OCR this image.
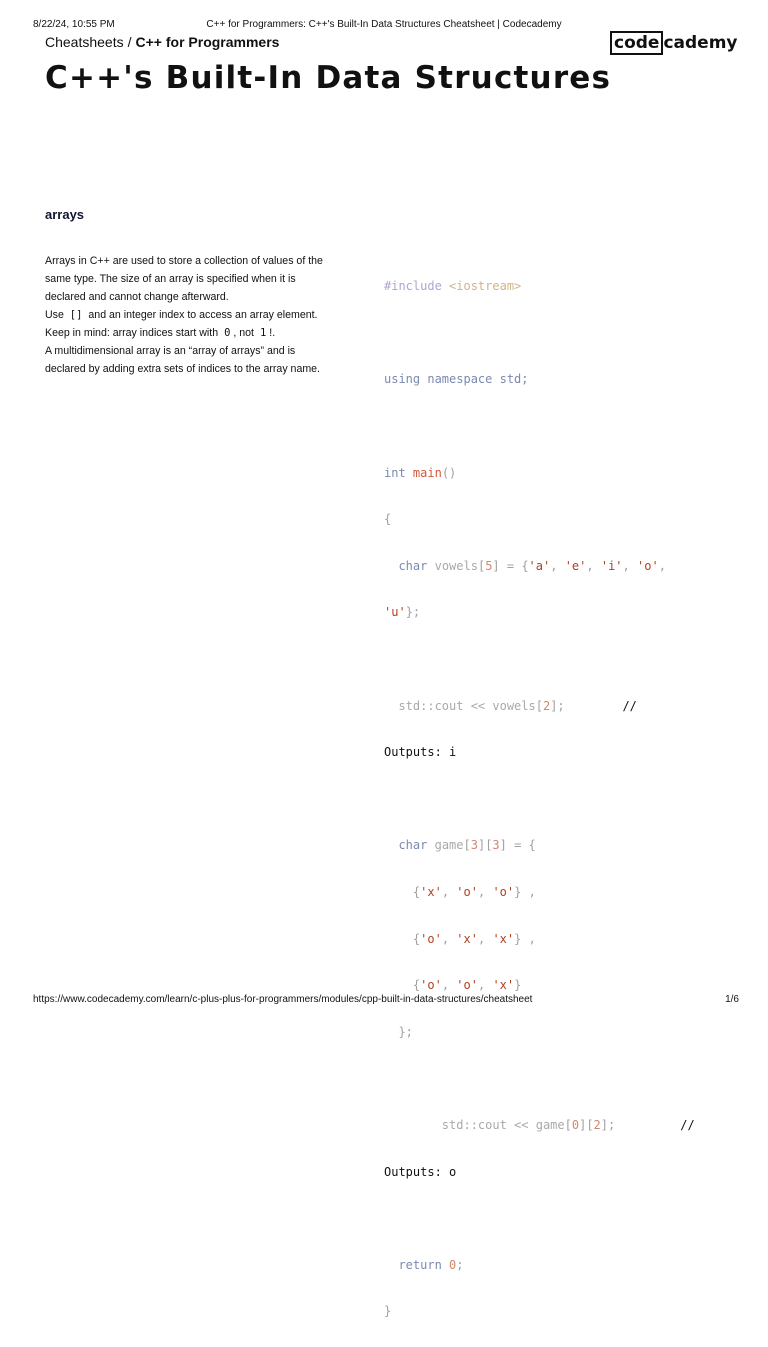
8/22/24, 10:55 PM	C++ for Programmers: C++'s Built-In Data Structures Cheatsheet | Codecademy
Cheatsheets / C++ for Programmers	code cademy
C++'s Built-In Data Structures
arrays

Arrays in C++ are used to store a collection of values of the same type. The size of an array is specified when it is declared and cannot change afterward.

Use [] and an integer index to access an array element.

Keep in mind: array indices start with 0 , not 1 !.

A multidimensional array is an “array of arrays” and is declared by adding extra sets of indices to the array name.

#include <iostream>

using namespace std;

int main()

{

char vowels[5] = {'a', 'e', 'i', 'o',

'u'};

std::cout << vowels[2];	//

Outputs: i

char game[3][3] = {

{'x', 'o', 'o'} ,

{'o', 'x', 'x'} ,

{'o', 'o', 'x'}

};

std::cout << game[0][2];	//

Outputs: o

return 0;

}

https://www.codecademy.com/learn/c-plus-plus-for-programmers/modules/cpp-built-in-data-structures/cheatsheet	1/6
